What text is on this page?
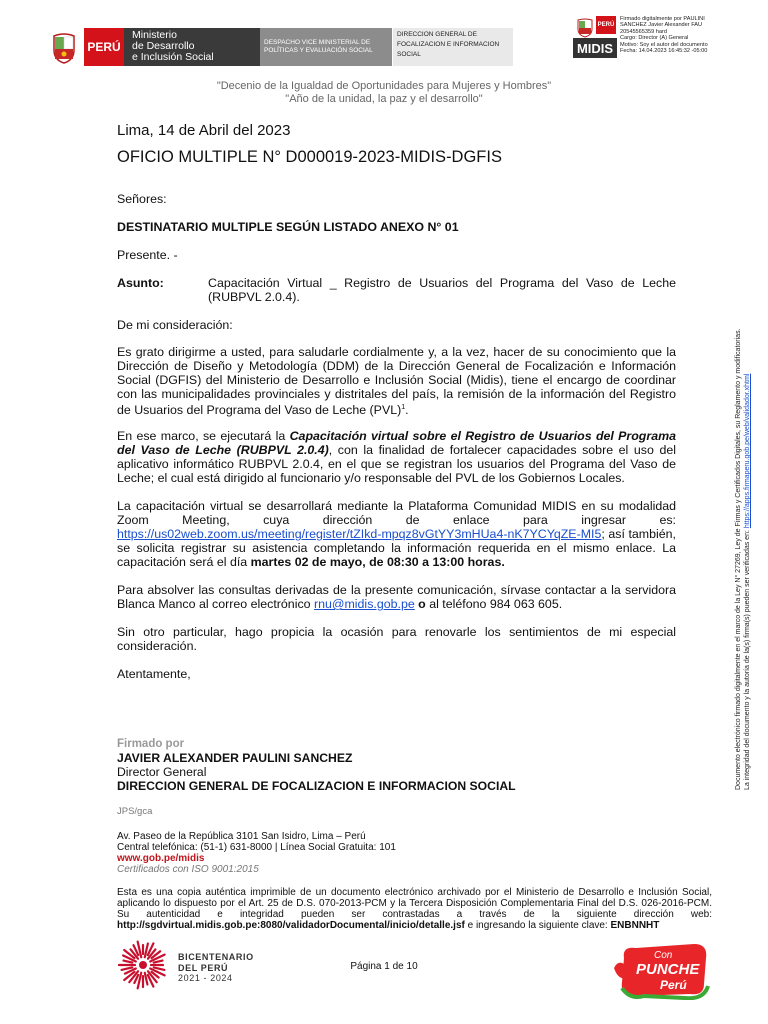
PERÚ
Ministerio
de Desarrollo
e Inclusión Social
DESPACHO VICE MINISTERIAL DE
POLÍTICAS Y EVALUACIÓN SOCIAL
DIRECCION GENERAL DE
FOCALIZACION E INFORMACION
SOCIAL
PERÚ
MIDIS
Firmado digitalmente por PAULINI
SANCHEZ Javier Alexander FAU
20545565359 hard
Cargo: Director (A) General
Motivo: Soy el autor del documento
Fecha: 14.04.2023 16:45:32 -05:00
"Decenio de la Igualdad de Oportunidades para Mujeres y Hombres"
"Año de la unidad, la paz y el desarrollo"
Lima, 14 de Abril del 2023
OFICIO MULTIPLE N° D000019-2023-MIDIS-DGFIS
Señores:
DESTINATARIO MULTIPLE SEGÚN LISTADO ANEXO N° 01
Presente. -
Asunto:	Capacitación Virtual _ Registro de Usuarios del Programa del Vaso de Leche (RUBPVL 2.0.4).
De mi consideración:
Es grato dirigirme a usted, para saludarle cordialmente y, a la vez, hacer de su conocimiento que la Dirección de Diseño y Metodología (DDM) de la Dirección General de Focalización e Información Social (DGFIS) del Ministerio de Desarrollo e Inclusión Social (Midis), tiene el encargo de coordinar con las municipalidades provinciales y distritales del país, la remisión de la información del Registro de Usuarios del Programa del Vaso de Leche (PVL)$^1$.
En ese marco, se ejecutará la Capacitación virtual sobre el Registro de Usuarios del Programa del Vaso de Leche (RUBPVL 2.0.4), con la finalidad de fortalecer capacidades sobre el uso del aplicativo informático RUBPVL 2.0.4, en el que se registran los usuarios del Programa del Vaso de Leche; el cual está dirigido al funcionario y/o responsable del PVL de los Gobiernos Locales.
La capacitación virtual se desarrollará mediante la Plataforma Comunidad MIDIS en su modalidad Zoom Meeting, cuya dirección de enlace para ingresar es: https://us02web.zoom.us/meeting/register/tZIkd-mpqz8vGtYY3mHUa4-nK7YCYqZE-MI5; así también, se solicita registrar su asistencia completando la información requerida en el mismo enlace. La capacitación será el día martes 02 de mayo, de 08:30 a 13:00 horas.
Para absolver las consultas derivadas de la presente comunicación, sírvase contactar a la servidora Blanca Manco al correo electrónico rnu@midis.gob.pe o al teléfono 984 063 605.
Sin otro particular, hago propicia la ocasión para renovarle los sentimientos de mi especial consideración.
Atentamente,
Firmado por
JAVIER ALEXANDER PAULINI SANCHEZ
Director General
DIRECCION GENERAL DE FOCALIZACION E INFORMACION SOCIAL
JPS/gca
Av. Paseo de la República 3101 San Isidro, Lima – Perú
Central telefónica: (51-1) 631-8000 | Línea Social Gratuita: 101
www.gob.pe/midis
Certificados con ISO 9001:2015
Esta es una copia auténtica imprimible de un documento electrónico archivado por el Ministerio de Desarrollo e Inclusión Social, aplicando lo dispuesto por el Art. 25 de D.S. 070-2013-PCM y la Tercera Disposición Complementaria Final del D.S. 026-2016-PCM. Su autenticidad e integridad pueden ser contrastadas a través de la siguiente dirección web: http://sgdvirtual.midis.gob.pe:8080/validadorDocumental/inicio/detalle.jsf e ingresando la siguiente clave: ENBNNHT
BICENTENARIO
DEL PERÚ
2021 - 2024
Página 1 de 10
Con
PUNCHE
Perú
Documento electrónico firmado digitalmente en el marco de la Ley N° 27269, Ley de Firmas y Certificados Digitales, su Reglamento y modificatorias. La integridad del documento y la autoría de la(s) firma(s) pueden ser verificadas en: https://apps.firmaperu.gob.pe/web/validador.xhtml
